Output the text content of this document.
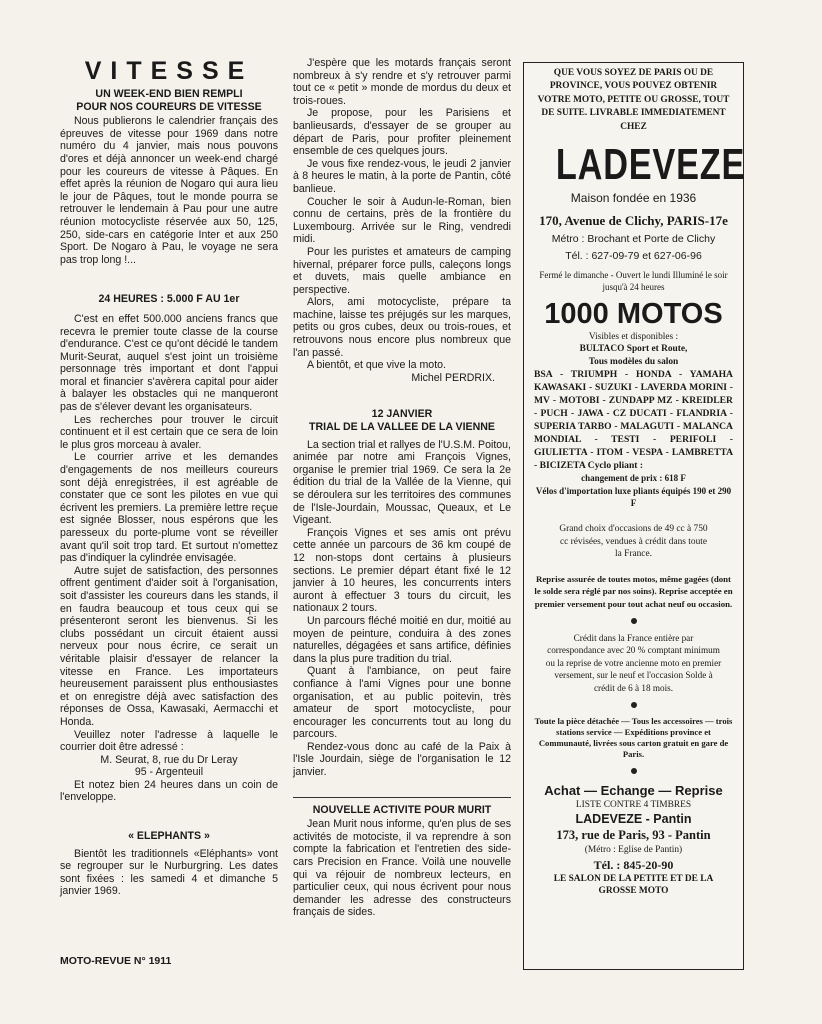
VITESSE

UN WEEK-END BIEN REMPLI

POUR NOS COUREURS DE VITESSE

Nous publierons le calendrier français des épreuves de vitesse pour 1969 dans notre numéro du 4 janvier, mais nous pouvons d'ores et déjà annoncer un week-end chargé pour les coureurs de vitesse à Pâques. En effet après la réunion de Nogaro qui aura lieu le jour de Pâques, tout le monde pourra se retrouver le lendemain à Pau pour une autre réunion motocycliste réservée aux 50, 125, 250, side-cars en catégorie Inter et aux 250 Sport. De Nogaro à Pau, le voyage ne sera pas trop long !...

24 HEURES : 5.000 F AU 1er

C'est en effet 500.000 anciens francs que recevra le premier toute classe de la course d'endurance. C'est ce qu'ont décidé le tandem Murit-Seurat, auquel s'est joint un troisième personnage très important et dont l'appui moral et financier s'avèrera capital pour aider à balayer les obstacles qui ne manqueront pas de s'élever devant les organisateurs.

Les recherches pour trouver le circuit continuent et il est certain que ce sera de loin le plus gros morceau à avaler.

Le courrier arrive et les demandes d'engagements de nos meilleurs coureurs sont déjà enregistrées, il est agréable de constater que ce sont les pilotes en vue qui écrivent les premiers. La première lettre reçue est signée Blosser, nous espérons que les paresseux du porte-plume vont se réveiller avant qu'il soit trop tard. Et surtout n'omettez pas d'indiquer la cylindrée envisagée.

Autre sujet de satisfaction, des personnes offrent gentiment d'aider soit à l'organisation, soit d'assister les coureurs dans les stands, il en faudra beaucoup et tous ceux qui se présenteront seront les bienvenus. Si les clubs possédant un circuit étaient aussi nerveux pour nous écrire, ce serait un véritable plaisir d'essayer de relancer la vitesse en France. Les importateurs heureusement paraissent plus enthousiastes et on enregistre déjà avec satisfaction des réponses de Ossa, Kawasaki, Aermacchi et Honda.

Veuillez noter l'adresse à laquelle le courrier doit être adressé :

M. Seurat, 8, rue du Dr Leray

95 - Argenteuil

Et notez bien 24 heures dans un coin de l'enveloppe.

« ELEPHANTS »

Bientôt les traditionnels «Eléphants» vont se regrouper sur le Nurburgring. Les dates sont fixées : les samedi 4 et dimanche 5 janvier 1969.

J'espère que les motards français seront nombreux à s'y rendre et s'y retrouver parmi tout ce « petit » monde de mordus du deux et trois-roues.

Je propose, pour les Parisiens et banlieusards, d'essayer de se grouper au départ de Paris, pour profiter pleinement ensemble de ces quelques jours.

Je vous fixe rendez-vous, le jeudi 2 janvier à 8 heures le matin, à la porte de Pantin, côté banlieue.

Coucher le soir à Audun-le-Roman, bien connu de certains, près de la frontière du Luxembourg. Arrivée sur le Ring, vendredi midi.

Pour les puristes et amateurs de camping hivernal, préparer force pulls, caleçons longs et duvets, mais quelle ambiance en perspective.

Alors, ami motocycliste, prépare ta machine, laisse tes préjugés sur les marques, petits ou gros cubes, deux ou trois-roues, et retrouvons nous encore plus nombreux que l'an passé.

A bientôt, et que vive la moto.

Michel PERDRIX.

12 JANVIER

TRIAL DE LA VALLEE DE LA VIENNE

La section trial et rallyes de l'U.S.M. Poitou, animée par notre ami François Vignes, organise le premier trial 1969. Ce sera la 2e édition du trial de la Vallée de la Vienne, qui se déroulera sur les territoires des communes de l'Isle-Jourdain, Moussac, Queaux, et Le Vigeant.

François Vignes et ses amis ont prévu cette année un parcours de 36 km coupé de 12 non-stops dont certains à plusieurs sections. Le premier départ étant fixé le 12 janvier à 10 heures, les concurrents inters auront à effectuer 3 tours du circuit, les nationaux 2 tours.

Un parcours fléché moitié en dur, moitié au moyen de peinture, conduira à des zones naturelles, dégagées et sans artifice, définies dans la plus pure tradition du trial.

Quant à l'ambiance, on peut faire confiance à l'ami Vignes pour une bonne organisation, et au public poitevin, très amateur de sport motocycliste, pour encourager les concurrents tout au long du parcours.

Rendez-vous donc au café de la Paix à l'Isle Jourdain, siège de l'organisation le 12 janvier.

NOUVELLE ACTIVITE POUR MURIT

Jean Murit nous informe, qu'en plus de ses activités de motociste, il va reprendre à son compte la fabrication et l'entretien des side-cars Precision en France. Voilà une nouvelle qui va réjouir de nombreux lecteurs, en particulier ceux, qui nous écrivent pour nous demander les adresse des constructeurs français de sides.

QUE VOUS SOYEZ DE PARIS OU DE PROVINCE, VOUS POUVEZ OBTENIR VOTRE MOTO, PETITE OU GROSSE, TOUT DE SUITE. LIVRABLE IMMEDIATEMENT CHEZ

LADEVEZE

Maison fondée en 1936

170, Avenue de Clichy, PARIS-17e

Métro : Brochant et Porte de Clichy

Tél. : 627-09-79 et 627-06-96

Fermé le dimanche - Ouvert le lundi Illuminé le soir jusqu'à 24 heures

1000 MOTOS

Visibles et disponibles :

BULTACO Sport et Route,

Tous modèles du salon

BSA - TRIUMPH - HONDA - YAMAHA KAWASAKI - SUZUKI - LAVERDA MORINI - MV - MOTOBI - ZUNDAPP MZ - KREIDLER - PUCH - JAWA - CZ DUCATI - FLANDRIA - SUPERIA TARBO - MALAGUTI - MALANCA MONDIAL - TESTI - PERIFOLI - GIULIETTA - ITOM - VESPA - LAMBRETTA - BICIZETA Cyclo pliant :

changement de prix : 618 F

Vélos d'importation luxe pliants équipés 190 et 290 F

Grand choix d'occasions de 49 cc à 750 cc révisées, vendues à crédit dans toute la France.

Reprise assurée de toutes motos, même gagées (dont le solde sera réglé par nos soins). Reprise acceptée en premier versement pour tout achat neuf ou occasion.

Crédit dans la France entière par correspondance avec 20 % comptant minimum ou la reprise de votre ancienne moto en premier versement, sur le neuf et l'occasion Solde à crédit de 6 à 18 mois.

Toute la pièce détachée — Tous les accessoires — trois stations service — Expéditions province et Communauté, livrées sous carton gratuit en gare de Paris.

Achat — Echange — Reprise

LISTE CONTRE 4 TIMBRES

LADEVEZE - Pantin

173, rue de Paris, 93 - Pantin

(Métro : Eglise de Pantin)

Tél. : 845-20-90

LE SALON DE LA PETITE ET DE LA GROSSE MOTO

MOTO-REVUE N° 1911
